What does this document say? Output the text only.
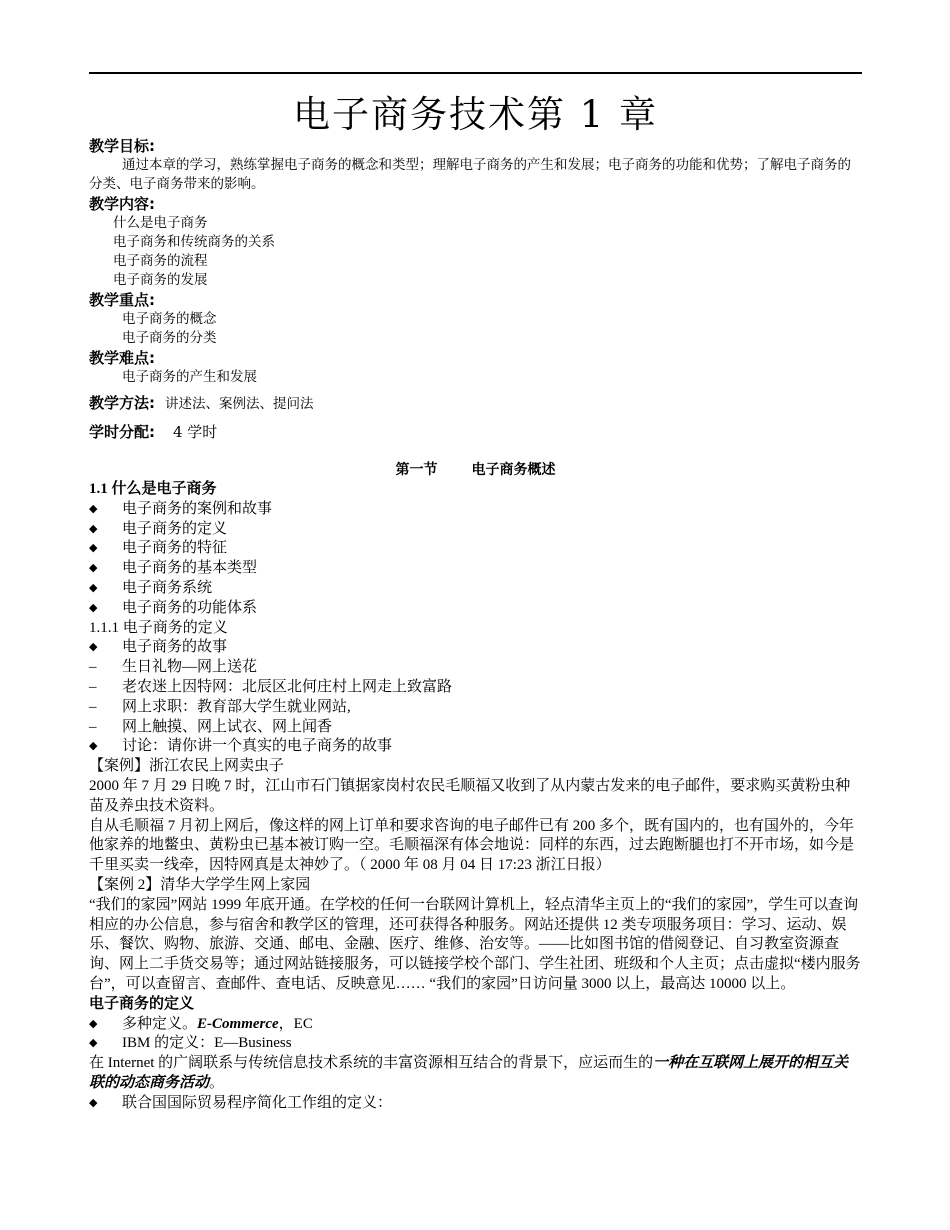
电子商务技术第 1 章
教学目标:
通过本章的学习，熟练掌握电子商务的概念和类型；理解电子商务的产生和发展；电子商务的功能和优势；了解电子商务的分类、电子商务带来的影响。
教学内容:
什么是电子商务
电子商务和传统商务的关系
电子商务的流程
电子商务的发展
教学重点:
电子商务的概念
电子商务的分类
教学难点:
电子商务的产生和发展
教学方法: 讲述法、案例法、提问法
学时分配: 4 学时
第一节 电子商务概述
1.1 什么是电子商务
◆	电子商务的案例和故事
◆	电子商务的定义
◆	电子商务的特征
◆	电子商务的基本类型
◆	电子商务系统
◆	电子商务的功能体系
1.1.1 电子商务的定义
◆	电子商务的故事
–	生日礼物—网上送花
–	老农迷上因特网：北辰区北何庄村上网走上致富路
–	网上求职：教育部大学生就业网站,
–	网上触摸、网上试衣、网上闻香
◆	讨论：请你讲一个真实的电子商务的故事
【案例】浙江农民上网卖虫子
2000 年 7 月 29 日晚 7 时，江山市石门镇据家岗村农民毛顺福又收到了从内蒙古发来的电子邮件，要求购买黄粉虫种苗及养虫技术资料。
自从毛顺福 7 月初上网后，像这样的网上订单和要求咨询的电子邮件已有 200 多个，既有国内的，也有国外的，今年他家养的地鳖虫、黄粉虫已基本被订购一空。毛顺福深有体会地说：同样的东西，过去跑断腿也打不开市场，如今是千里买卖一线牵，因特网真是太神妙了。（ 2000 年 08 月 04 日 17:23 浙江日报）
【案例 2】清华大学学生网上家园
“我们的家园”网站 1999 年底开通。在学校的任何一台联网计算机上，轻点清华主页上的“我们的家园”，学生可以查询相应的办公信息，参与宿舍和教学区的管理，还可获得各种服务。网站还提供 12 类专项服务项目：学习、运动、娱乐、餐饮、购物、旅游、交通、邮电、金融、医疗、维修、治安等。——比如图书馆的借阅登记、自习教室资源查询、网上二手货交易等；通过网站链接服务，可以链接学校个部门、学生社团、班级和个人主页；点击虚拟“楼内服务台”，可以查留言、查邮件、查电话、反映意见…… “我们的家园”日访问量 3000 以上，最高达 10000 以上。
电子商务的定义
◆	多种定义。E-Commerce，EC
◆	IBM 的定义：E—Business
在 Internet 的广阔联系与传统信息技术系统的丰富资源相互结合的背景下，应运而生的一种在互联网上展开的相互关联的动态商务活动。
◆	联合国国际贸易程序简化工作组的定义：
